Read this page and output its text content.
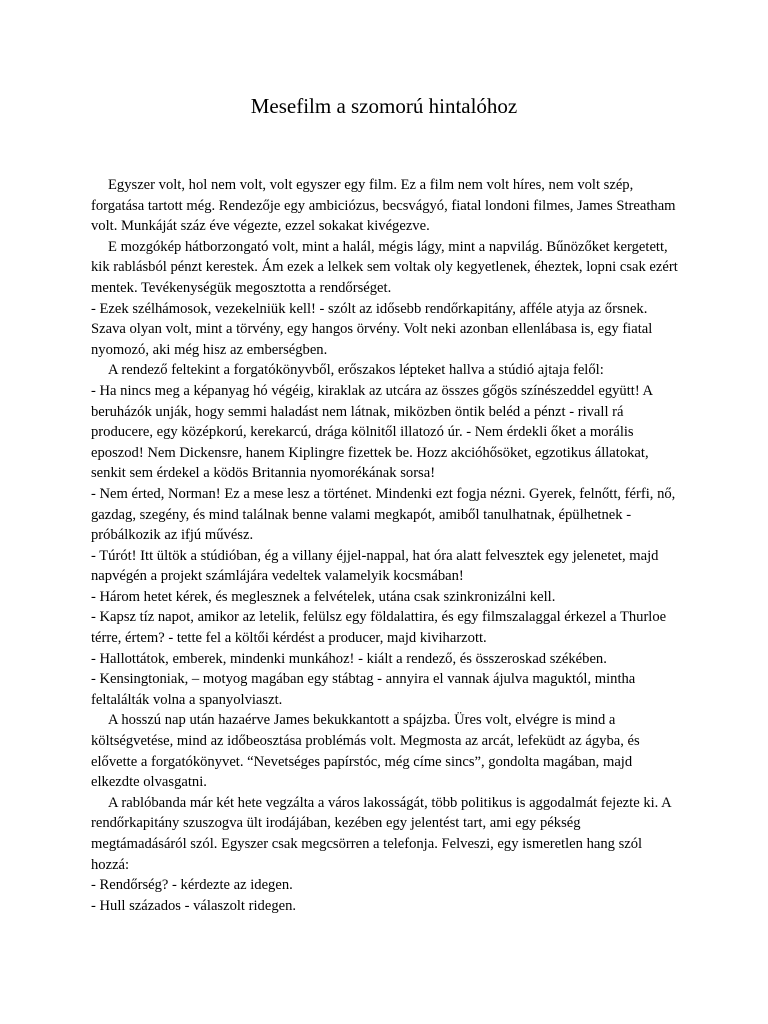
Mesefilm a szomorú hintalóhoz

Egyszer volt, hol nem volt, volt egyszer egy film. Ez a film nem volt híres, nem volt szép, forgatása tartott még. Rendezője egy ambiciózus, becsvágyó, fiatal londoni filmes, James Streatham volt. Munkáját száz éve végezte, ezzel sokakat kivégezve.

E mozgókép hátborzongató volt, mint a halál, mégis lágy, mint a napvilág. Bűnözőket kergetett, kik rablásból pénzt kerestek. Ám ezek a lelkek sem voltak oly kegyetlenek, éheztek, lopni csak ezért mentek. Tevékenységük megosztotta a rendőrséget.

- Ezek szélhámosok, vezekelniük kell! - szólt az idősebb rendőrkapitány, afféle atyja az őrsnek. Szava olyan volt, mint a törvény, egy hangos örvény. Volt neki azonban ellenlábasa is, egy fiatal nyomozó, aki még hisz az emberségben.

A rendező feltekint a forgatókönyvből, erőszakos lépteket hallva a stúdió ajtaja felől:

- Ha nincs meg a képanyag hó végéig, kiraklak az utcára az összes gőgös színészeddel együtt! A beruházók unják, hogy semmi haladást nem látnak, miközben öntik beléd a pénzt - rivall rá producere, egy középkorú, kerekarcú, drága kölnitől illatozó úr. - Nem érdekli őket a morális eposzod! Nem Dickensre, hanem Kiplingre fizettek be. Hozz akcióhősöket, egzotikus állatokat, senkit sem érdekel a ködös Britannia nyomorékának sorsa!

- Nem érted, Norman! Ez a mese lesz a történet. Mindenki ezt fogja nézni. Gyerek, felnőtt, férfi, nő, gazdag, szegény, és mind találnak benne valami megkapót, amiből tanulhatnak, épülhetnek - próbálkozik az ifjú művész.

- Túrót! Itt ültök a stúdióban, ég a villany éjjel-nappal, hat óra alatt felvesztek egy jelenetet, majd napvégén a projekt számlájára vedeltek valamelyik kocsmában!

- Három hetet kérek, és meglesznek a felvételek, utána csak szinkronizálni kell.

- Kapsz tíz napot, amikor az letelik, felülsz egy földalattira, és egy filmszalaggal érkezel a Thurloe térre, értem? - tette fel a költői kérdést a producer, majd kiviharzott.

- Hallottátok, emberek, mindenki munkához! - kiált a rendező, és összeroskad székében.

- Kensingtoniak, – motyog magában egy stábtag - annyira el vannak ájulva maguktól, mintha feltalálták volna a spanyolviaszt.

A hosszú nap után hazaérve James bekukkantott a spájzba. Üres volt, elvégre is mind a költségvetése, mind az időbeosztása problémás volt. Megmosta az arcát, lefeküdt az ágyba, és elővette a forgatókönyvet. “Nevetséges papírstóc, még címe sincs”, gondolta magában, majd elkezdte olvasgatni.

A rablóbanda már két hete vegzálta a város lakosságát, több politikus is aggodalmát fejezte ki. A rendőrkapitány szuszogva ült irodájában, kezében egy jelentést tart, ami egy pékség megtámadásáról szól. Egyszer csak megcsörren a telefonja. Felveszi, egy ismeretlen hang szól hozzá:

- Rendőrség? - kérdezte az idegen.

- Hull százados - válaszolt ridegen.
